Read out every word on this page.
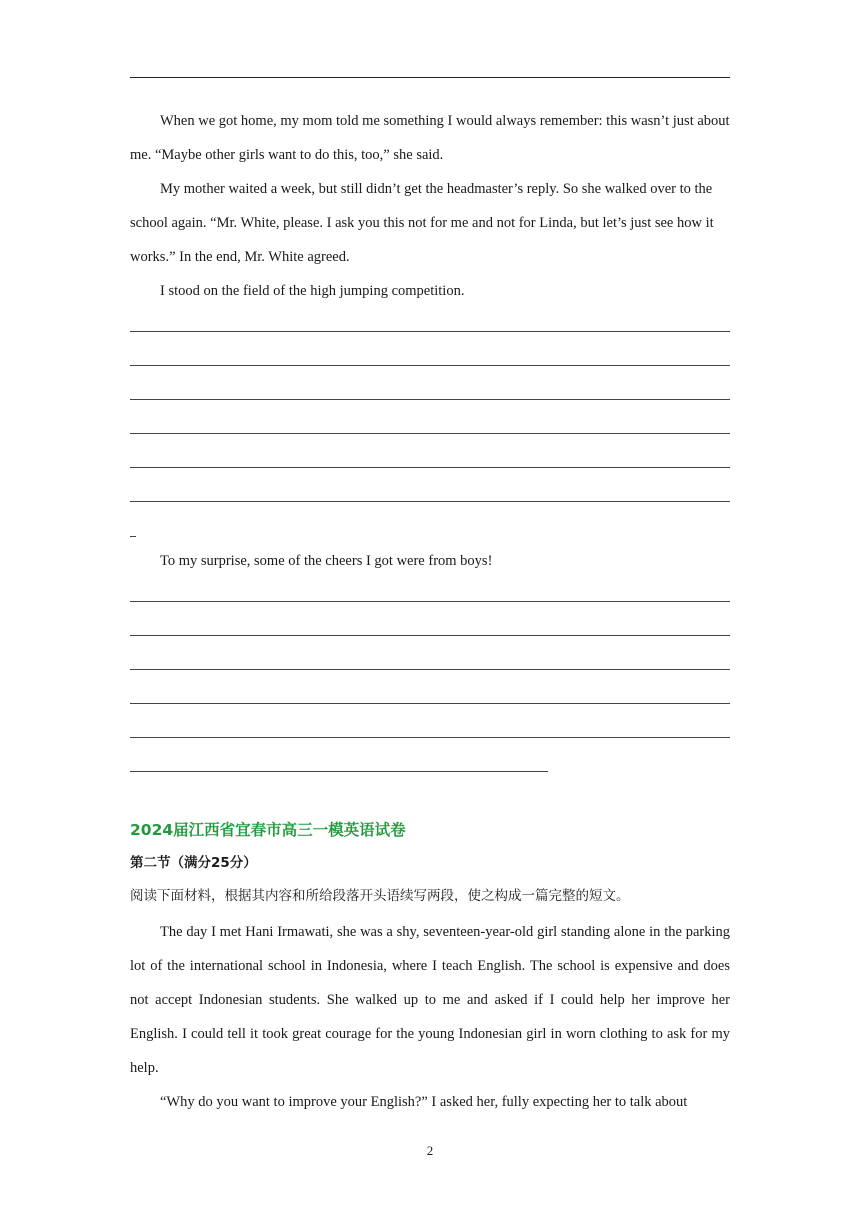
When we got home, my mom told me something I would always remember: this wasn’t just about me. “Maybe other girls want to do this, too,” she said.

My mother waited a week, but still didn’t get the headmaster’s reply. So she walked over to the school again. “Mr. White, please. I ask you this not for me and not for Linda, but let’s just see how it works.” In the end, Mr. White agreed.

I stood on the field of the high jumping competition.

To my surprise, some of the cheers I got were from boys!

2024届江西省宜春市高三一模英语试卷
第二节（满分25分）
阅读下面材料，根据其内容和所给段落开头语续写两段，使之构成一篇完整的短文。

The day I met Hani Irmawati, she was a shy, seventeen-year-old girl standing alone in the parking lot of the international school in Indonesia, where I teach English. The school is expensive and does not accept Indonesian students. She walked up to me and asked if I could help her improve her English. I could tell it took great courage for the young Indonesian girl in worn clothing to ask for my help.

“Why do you want to improve your English?” I asked her, fully expecting her to talk about

2
